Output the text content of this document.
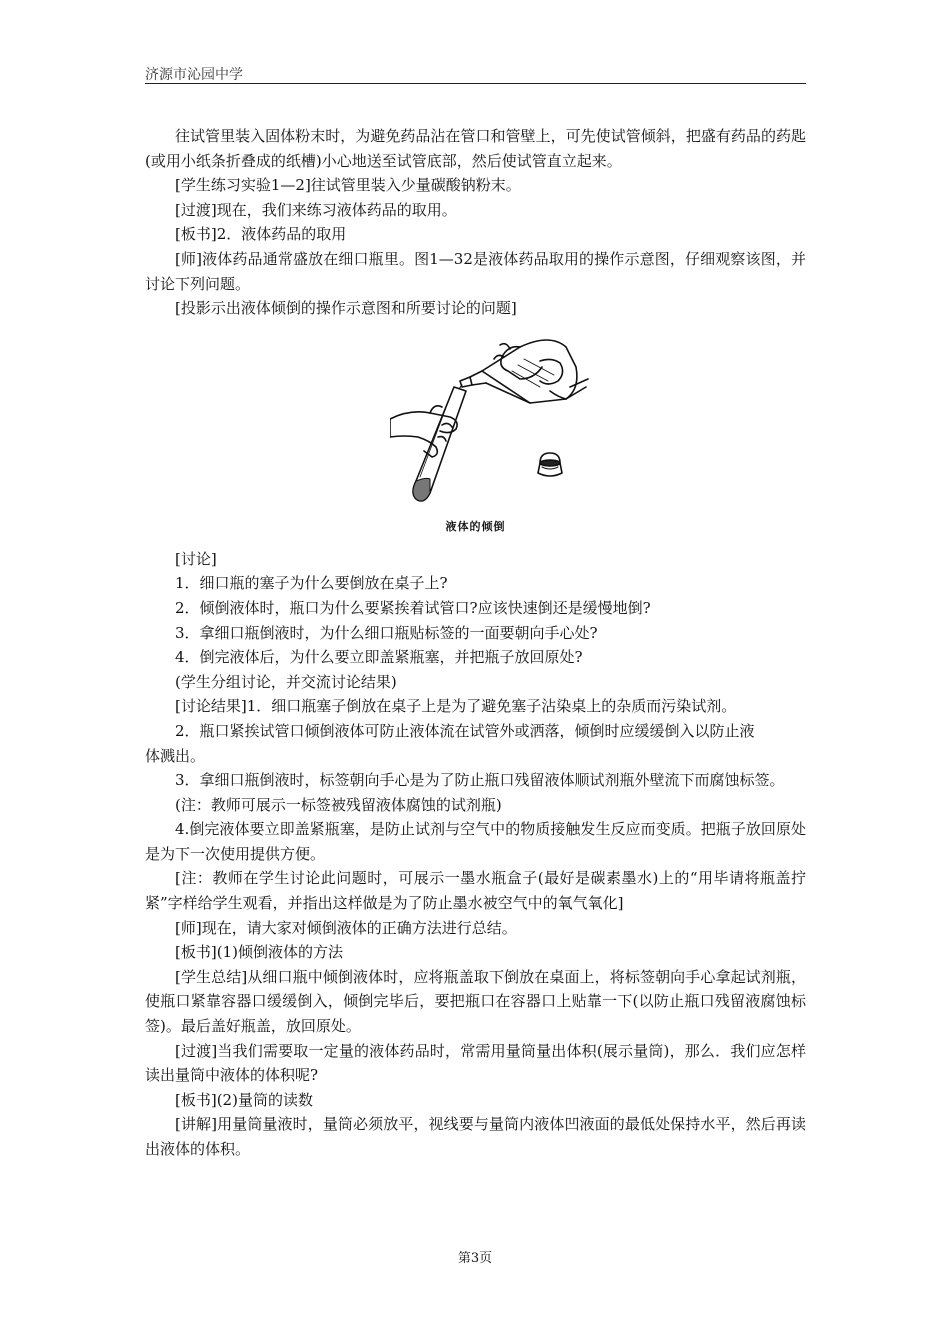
济源市沁园中学

往试管里装入固体粉末时，为避免药品沾在管口和管壁上，可先使试管倾斜，把盛有药品的药匙(或用小纸条折叠成的纸槽)小心地送至试管底部，然后使试管直立起来。

[学生练习实验1—2]往试管里装入少量碳酸钠粉末。

[过渡]现在，我们来练习液体药品的取用。

[板书]2．液体药品的取用

[师]液体药品通常盛放在细口瓶里。图1—32是液体药品取用的操作示意图，仔细观察该图，并讨论下列问题。

[投影示出液体倾倒的操作示意图和所要讨论的问题]

液体的倾倒

[讨论]

1．细口瓶的塞子为什么要倒放在桌子上?

2．倾倒液体时，瓶口为什么要紧挨着试管口?应该快速倒还是缓慢地倒?

3．拿细口瓶倒液时，为什么细口瓶贴标签的一面要朝向手心处?

4．倒完液体后，为什么要立即盖紧瓶塞，并把瓶子放回原处?

(学生分组讨论，并交流讨论结果)

[讨论结果]1．细口瓶塞子倒放在桌子上是为了避免塞子沾染桌上的杂质而污染试剂。

2．瓶口紧挨试管口倾倒液体可防止液体流在试管外或洒落，倾倒时应缓缓倒入以防止液

体溅出。

3．拿细口瓶倒液时，标签朝向手心是为了防止瓶口残留液体顺试剂瓶外壁流下而腐蚀标签。

(注：教师可展示一标签被残留液体腐蚀的试剂瓶)

4.倒完液体要立即盖紧瓶塞，是防止试剂与空气中的物质接触发生反应而变质。把瓶子放回原处是为下一次使用提供方便。

[注：教师在学生讨论此问题时，可展示一墨水瓶盒子(最好是碳素墨水)上的“用毕请将瓶盖拧紧”字样给学生观看，并指出这样做是为了防止墨水被空气中的氧气氧化]

[师]现在，请大家对倾倒液体的正确方法进行总结。

[板书](1)倾倒液体的方法

[学生总结]从细口瓶中倾倒液体时，应将瓶盖取下倒放在桌面上，将标签朝向手心拿起试剂瓶，使瓶口紧靠容器口缓缓倒入，倾倒完毕后，要把瓶口在容器口上贴靠一下(以防止瓶口残留液腐蚀标签)。最后盖好瓶盖，放回原处。

[过渡]当我们需要取一定量的液体药品时，常需用量筒量出体积(展示量筒)，那么．我们应怎样读出量筒中液体的体积呢?

[板书](2)量筒的读数

[讲解]用量筒量液时，量筒必须放平，视线要与量筒内液体凹液面的最低处保持水平，然后再读出液体的体积。

第3页
